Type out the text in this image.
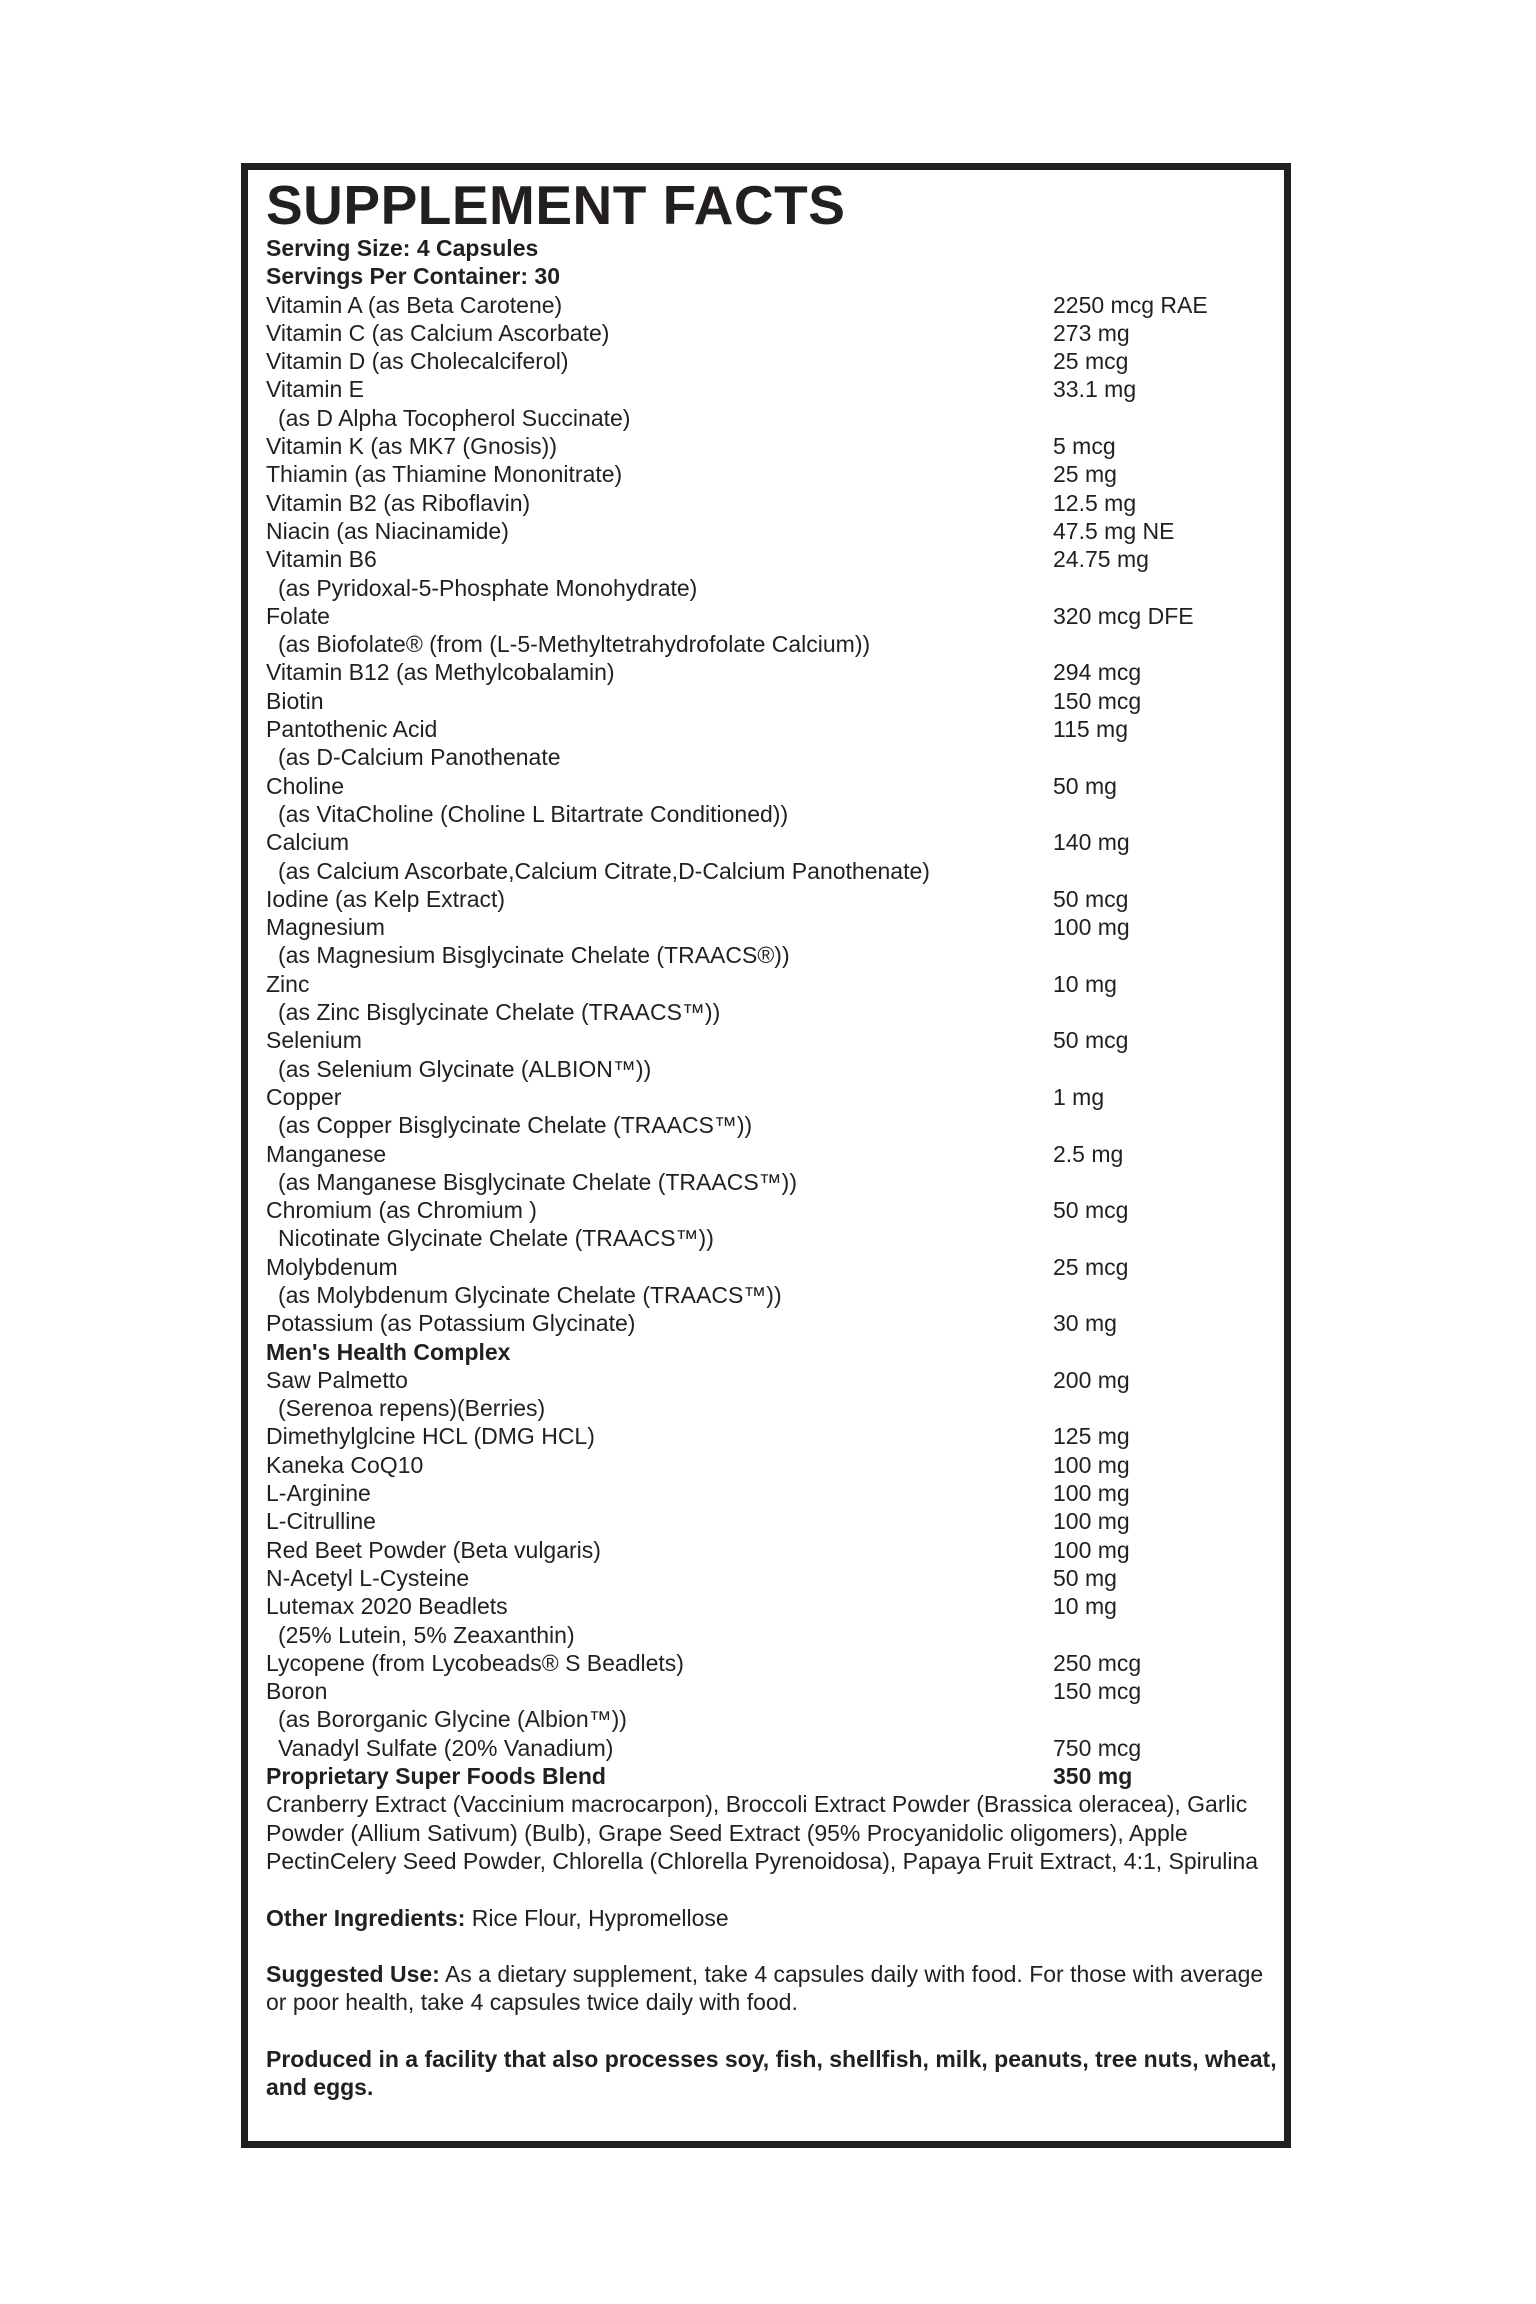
SUPPLEMENT FACTS
Serving Size: 4 Capsules
Servings Per Container: 30
Vitamin A (as Beta Carotene)	2250 mcg RAE
Vitamin C (as Calcium Ascorbate)	273 mg
Vitamin D (as Cholecalciferol)	25 mcg
Vitamin E	33.1 mg
(as D Alpha Tocopherol Succinate)
Vitamin K (as MK7 (Gnosis))	5 mcg
Thiamin (as Thiamine Mononitrate)	25 mg
Vitamin B2 (as Riboflavin)	12.5 mg
Niacin (as Niacinamide)	47.5 mg NE
Vitamin B6	24.75 mg
(as Pyridoxal-5-Phosphate Monohydrate)
Folate	320 mcg DFE
(as Biofolate® (from (L-5-Methyltetrahydrofolate Calcium))
Vitamin B12 (as Methylcobalamin)	294 mcg
Biotin	150 mcg
Pantothenic Acid	115 mg
(as D-Calcium Panothenate
Choline	50 mg
(as VitaCholine (Choline L Bitartrate Conditioned))
Calcium	140 mg
(as Calcium Ascorbate,Calcium Citrate,D-Calcium Panothenate)
Iodine (as Kelp Extract)	50 mcg
Magnesium	100 mg
(as Magnesium Bisglycinate Chelate (TRAACS®))
Zinc	10 mg
(as Zinc Bisglycinate Chelate (TRAACS™))
Selenium	50 mcg
(as Selenium Glycinate (ALBION™))
Copper	1 mg
(as Copper Bisglycinate Chelate (TRAACS™))
Manganese	2.5 mg
(as Manganese Bisglycinate Chelate (TRAACS™))
Chromium (as Chromium )	50 mcg
Nicotinate Glycinate Chelate (TRAACS™))
Molybdenum	25 mcg
(as Molybdenum Glycinate Chelate (TRAACS™))
Potassium (as Potassium Glycinate)	30 mg
Men's Health Complex
Saw Palmetto	200 mg
(Serenoa repens)(Berries)
Dimethylglcine HCL (DMG HCL)	125 mg
Kaneka CoQ10	100 mg
L-Arginine	100 mg
L-Citrulline	100 mg
Red Beet Powder (Beta vulgaris)	100 mg
N-Acetyl L-Cysteine	50 mg
Lutemax 2020 Beadlets	10 mg
(25% Lutein, 5% Zeaxanthin)
Lycopene (from Lycobeads® S Beadlets)	250 mcg
Boron	150 mcg
(as Bororganic Glycine (Albion™))
Vanadyl Sulfate (20% Vanadium)	750 mcg
Proprietary Super Foods Blend	350 mg

Cranberry Extract (Vaccinium macrocarpon), Broccoli Extract Powder (Brassica oleracea), Garlic Powder (Allium Sativum) (Bulb), Grape Seed Extract (95% Procyanidolic oligomers), Apple PectinCelery Seed Powder, Chlorella (Chlorella Pyrenoidosa), Papaya Fruit Extract, 4:1, Spirulina

Other Ingredients: Rice Flour, Hypromellose

Suggested Use: As a dietary supplement, take 4 capsules daily with food. For those with average or poor health, take 4 capsules twice daily with food.

Produced in a facility that also processes soy, fish, shellfish, milk, peanuts, tree nuts, wheat, and eggs.
